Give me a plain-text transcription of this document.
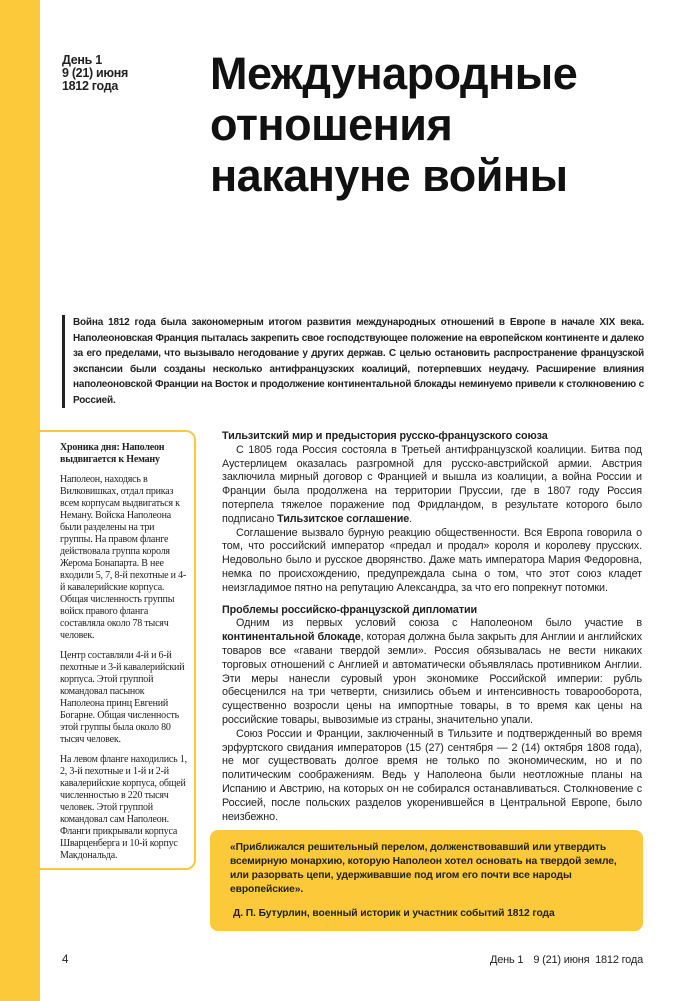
День 1
9 (21) июня
1812 года Международные
отношения
накануне войны
Война 1812 года была закономерным итогом развития международных отношений в Европе в начале XIX века. Наполеоновская Франция пыталась закрепить свое господствующее положение на европейском континенте и далеко за его пределами, что вызывало негодование у других держав. С целью остановить распространение французской экспансии были созданы несколько антифранцузских коалиций, потерпевших неудачу. Расширение влияния наполеоновской Франции на Восток и продолжение континентальной блокады неминуемо привели к столкновению с Россией.
Хроника дня: Наполеон выдвигается к Неману

Наполеон, находясь в Вилковишках, отдал приказ всем корпусам выдвигаться к Неману. Войска Наполеона были разделены на три группы. На правом фланге действовала группа короля Жерома Бонапарта. В нее входили 5, 7, 8-й пехотные и 4-й кавалерийские корпуса. Общая численность группы войск правого фланга составляла около 78 тысяч человек.

Центр составляли 4-й и 6-й пехотные и 3-й кавалерийский корпуса. Этой группой командовал пасынок Наполеона принц Евгений Богарне. Общая численность этой группы была около 80 тысяч человек.

На левом фланге находились 1, 2, 3-й пехотные и 1-й и 2-й кавалерийские корпуса, общей численностью в 220 тысяч человек. Этой группой командовал сам Наполеон. Фланги прикрывали корпуса Шварценберга и 10-й корпус Макдональда.

Тильзитский мир и предыстория русско-французского союза

С 1805 года Россия состояла в Третьей антифранцузской коалиции. Битва под Аустерлицем оказалась разгромной для русско-австрийской армии. Австрия заключила мирный договор с Францией и вышла из коалиции, а война России и Франции была продолжена на территории Пруссии, где в 1807 году Россия потерпела тяжелое поражение под Фридландом, в результате которого было подписано Тильзитское соглашение.

Соглашение вызвало бурную реакцию общественности. Вся Европа говорила о том, что российский император «предал и продал» короля и королеву прусских. Недовольно было и русское дворянство. Даже мать императора Мария Федоровна, немка по происхождению, предупреждала сына о том, что этот союз кладет неизгладимое пятно на репутацию Александра, за что его попрекнут потомки.

Проблемы российско-французской дипломатии

Одним из первых условий союза с Наполеоном было участие в континентальной блокаде, которая должна была закрыть для Англии и английских товаров все «гавани твердой земли». Россия обязывалась не вести никаких торговых отношений с Англией и автоматически объявлялась противником Англии. Эти меры нанесли суровый урон экономике Российской империи: рубль обесценился на три четверти, снизились объем и интенсивность товарооборота, существенно возросли цены на импортные товары, в то время как цены на российские товары, вывозимые из страны, значительно упали.

Союз России и Франции, заключенный в Тильзите и подтвержденный во время эрфуртского свидания императоров (15 (27) сентября — 2 (14) октября 1808 года), не мог существовать долгое время не только по экономическим, но и по политическим соображениям. Ведь у Наполеона были неотложные планы на Испанию и Австрию, на которых он не собирался останавливаться. Столкновение с Россией, после польских разделов укоренившейся в Центральной Европе, было неизбежно.

«Приближался решительный перелом, долженствовавший или утвердить всемирную монархию, которую Наполеон хотел основать на твердой земле, или разорвать цепи, удерживавшие под игом его почти все народы европейские».
Д. П. Бутурлин, военный историк и участник событий 1812 года
4	День 1 9 (21) июня  1812 года
